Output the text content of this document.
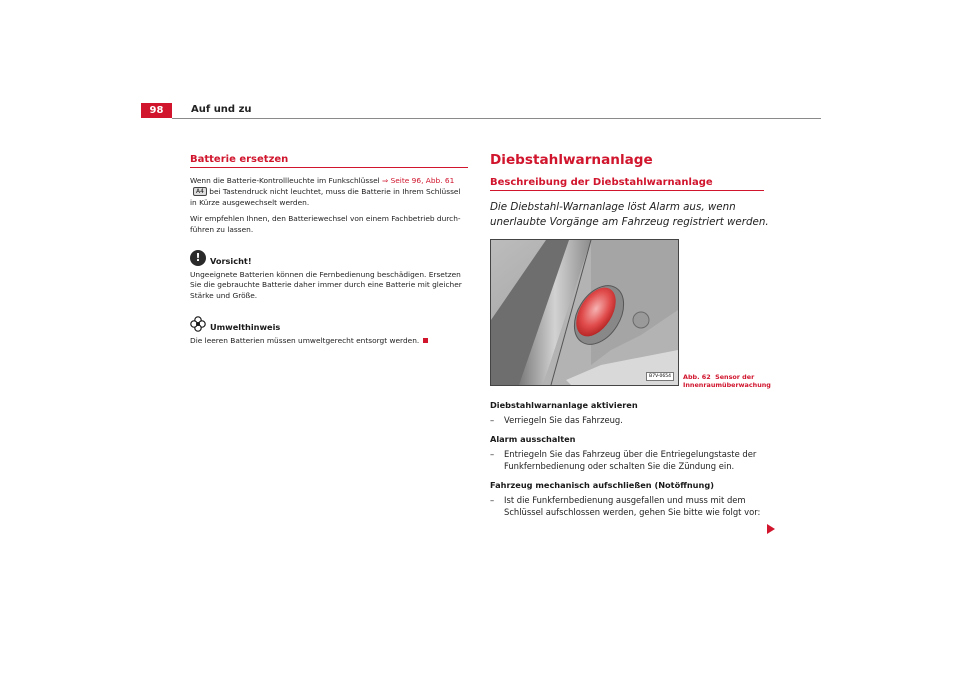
98	Auf und zu
Batterie ersetzen

Wenn die Batterie-Kontrollleuchte im Funkschlüssel ⇒ Seite 96, Abb. 61A4 bei Tastendruck nicht leuchtet, muss die Batterie in Ihrem Schlüssel in Kürze ausgewechselt werden.

Wir empfehlen Ihnen, den Batteriewechsel von einem Fachbetrieb durch-führen zu lassen.

!	Vorsicht!

Ungeeignete Batterien können die Fernbedienung beschädigen. Ersetzen Sie die gebrauchte Batterie daher immer durch eine Batterie mit gleicher Stärke und Größe.

Umwelthinweis

Die leeren Batterien müssen umweltgerecht entsorgt werden.

Diebstahlwarnanlage
Beschreibung der Diebstahlwarnanlage
Die Diebstahl-Warnanlage löst Alarm aus, wenn unerlaubte Vorgänge am Fahrzeug registriert werden.
B7V-0654
Diebstahlwarnanlage aktivieren
–	Verriegeln Sie das Fahrzeug.
Alarm ausschalten
–	Entriegeln Sie das Fahrzeug über die Entriegelungstaste der Funkfernbedienung oder schalten Sie die Zündung ein.
Fahrzeug mechanisch aufschließen (Notöffnung)
–	Ist die Funkfernbedienung ausgefallen und muss mit dem Schlüssel aufschlossen werden, gehen Sie bitte wie folgt vor:
Abb. 62 Sensor der Innenraumüberwachung
